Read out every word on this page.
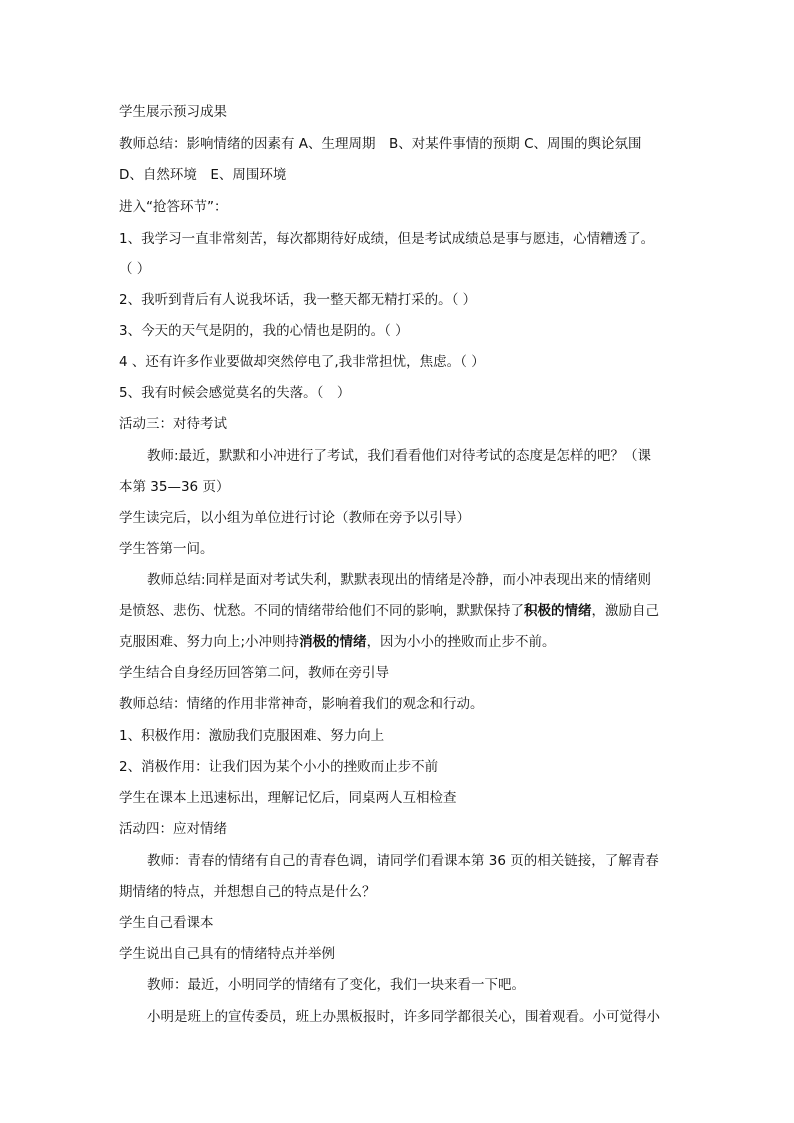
学生展示预习成果
教师总结：影响情绪的因素有 A、生理周期　B、对某件事情的预期 C、周围的舆论氛围
D、自然环境　E、周围环境
进入“抢答环节”：
1、我学习一直非常刻苦，每次都期待好成绩，但是考试成绩总是事与愿违，心情糟透了。
（ ）
2、我听到背后有人说我坏话，我一整天都无精打采的。（ ）
3、今天的天气是阴的，我的心情也是阴的。（ ）
4 、还有许多作业要做却突然停电了,我非常担忧，焦虑。（ ）
5、我有时候会感觉莫名的失落。（　）
活动三：对待考试
教师:最近，默默和小冲进行了考试，我们看看他们对待考试的态度是怎样的吧？（课
本第 35—36 页）
学生读完后，以小组为单位进行讨论（教师在旁予以引导）
学生答第一问。
教师总结:同样是面对考试失利，默默表现出的情绪是冷静，而小冲表现出来的情绪则
是愤怒、悲伤、忧愁。不同的情绪带给他们不同的影响，默默保持了积极的情绪，激励自己
克服困难、努力向上;小冲则持消极的情绪，因为小小的挫败而止步不前。
学生结合自身经历回答第二问，教师在旁引导
教师总结：情绪的作用非常神奇，影响着我们的观念和行动。
1、积极作用：激励我们克服困难、努力向上
2、消极作用：让我们因为某个小小的挫败而止步不前
学生在课本上迅速标出，理解记忆后，同桌两人互相检查
活动四：应对情绪
教师：青春的情绪有自己的青春色调，请同学们看课本第 36 页的相关链接，了解青春
期情绪的特点，并想想自己的特点是什么？
学生自己看课本
学生说出自己具有的情绪特点并举例
教师：最近，小明同学的情绪有了变化，我们一块来看一下吧。
小明是班上的宣传委员，班上办黑板报时，许多同学都很关心，围着观看。小可觉得小
